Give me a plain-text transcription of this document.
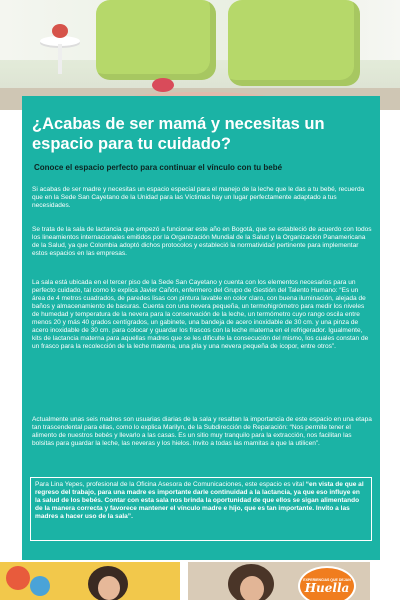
¿Acabas de ser mamá y necesitas un espacio para tu cuidado?

Conoce el espacio perfecto para continuar el vínculo con tu bebé

Si acabas de ser madre y necesitas un espacio especial para el manejo de la leche que le das a tu bebé, recuerda que en la Sede San Cayetano de la Unidad para las Víctimas hay un lugar perfectamente adaptado a tus necesidades.

Se trata de la sala de lactancia que empezó a funcionar este año en Bogotá, que se estableció de acuerdo con todos los lineamientos internacionales emitidos por la Organización Mundial de la Salud y la Organización Panamericana de la Salud, ya que Colombia adoptó dichos protocolos y estableció la normatividad pertinente para implementar estos espacios en las empresas.

La sala está ubicada en el tercer piso de la Sede San Cayetano y cuenta con los elementos necesarios para un perfecto cuidado, tal como lo explica Javier Cañón, enfermero del Grupo de Gestión del Talento Humano: “Es un área de 4 metros cuadrados, de paredes lisas con pintura lavable en color claro, con buena iluminación, alejada de baños y almacenamiento de basuras. Cuenta con una nevera pequeña, un termohigrómetro para medir los niveles de humedad y temperatura de la nevera para la conservación de la leche, un termómetro cuyo rango oscila entre menos 20 y más 40 grados centígrados, un gabinete, una bandeja de acero inoxidable de 30 cm. y una pinza de acero inoxidable de 30 cm. para colocar y guardar los frascos con la leche materna en el refrigerador. Igualmente, kits de lactancia materna para aquellas madres que se les dificulte la consecución del mismo, los cuales constan de un frasco para la recolección de la leche materna, una pila y una nevera pequeña de icopor, entre otros”.

Actualmente unas seis madres son usuarias diarias de la sala y resaltan la importancia de este espacio en una etapa tan trascendental para ellas, como lo explica Marilyn, de la Subdirección de Reparación: “Nos permite tener el alimento de nuestros bebés y llevarlo a las casas. Es un sitio muy tranquilo para la extracción, nos facilitan las bolsitas para guardar la leche, las neveras y los hielos. Invito a todas las mamitas a que la utilicen”.

Para Lina Yepes, profesional de la Oficina Asesora de Comunicaciones, este espacio es vital “en vista de que al regreso del trabajo, para una madre es importante darle continuidad a la lactancia, ya que eso influye en la salud de los bebés. Contar con esta sala nos brinda la oportunidad de que ellos se sigan alimentando de la manera correcta y favorece mantener el vínculo madre e hijo, que es tan importante. Invito a las madres a hacer uso de la sala”.

EXPERIENCIAS QUE DEJAN
Huella
